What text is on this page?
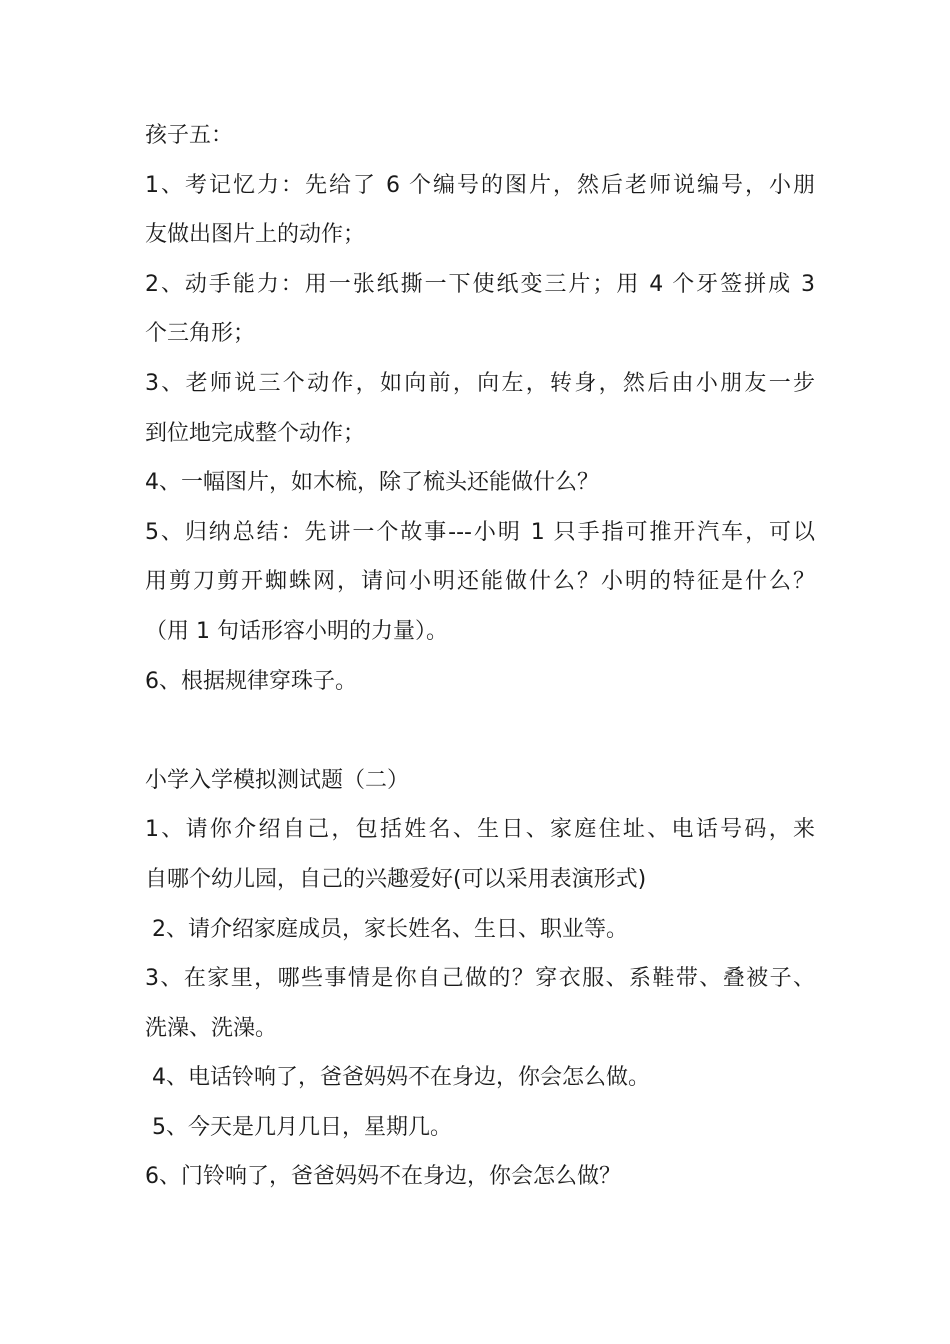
孩子五：
1、考记忆力：先给了 6 个编号的图片，然后老师说编号，小朋
友做出图片上的动作；
2、动手能力：用一张纸撕一下使纸变三片；用 4 个牙签拼成 3
个三角形；
3、老师说三个动作，如向前，向左，转身，然后由小朋友一步
到位地完成整个动作；
4、一幅图片，如木梳，除了梳头还能做什么？
5、归纳总结：先讲一个故事---小明 1 只手指可推开汽车，可以
用剪刀剪开蜘蛛网，请问小明还能做什么？小明的特征是什么？
（用 1 句话形容小明的力量）。
6、根据规律穿珠子。
小学入学模拟测试题（二）
1、请你介绍自己，包括姓名、生日、家庭住址、电话号码，来
自哪个幼儿园，自己的兴趣爱好(可以采用表演形式)
2、请介绍家庭成员，家长姓名、生日、职业等。
3、在家里，哪些事情是你自己做的？穿衣服、系鞋带、叠被子、
洗澡、洗澡。
4、电话铃响了，爸爸妈妈不在身边，你会怎么做。
5、今天是几月几日，星期几。
6、门铃响了，爸爸妈妈不在身边，你会怎么做？
